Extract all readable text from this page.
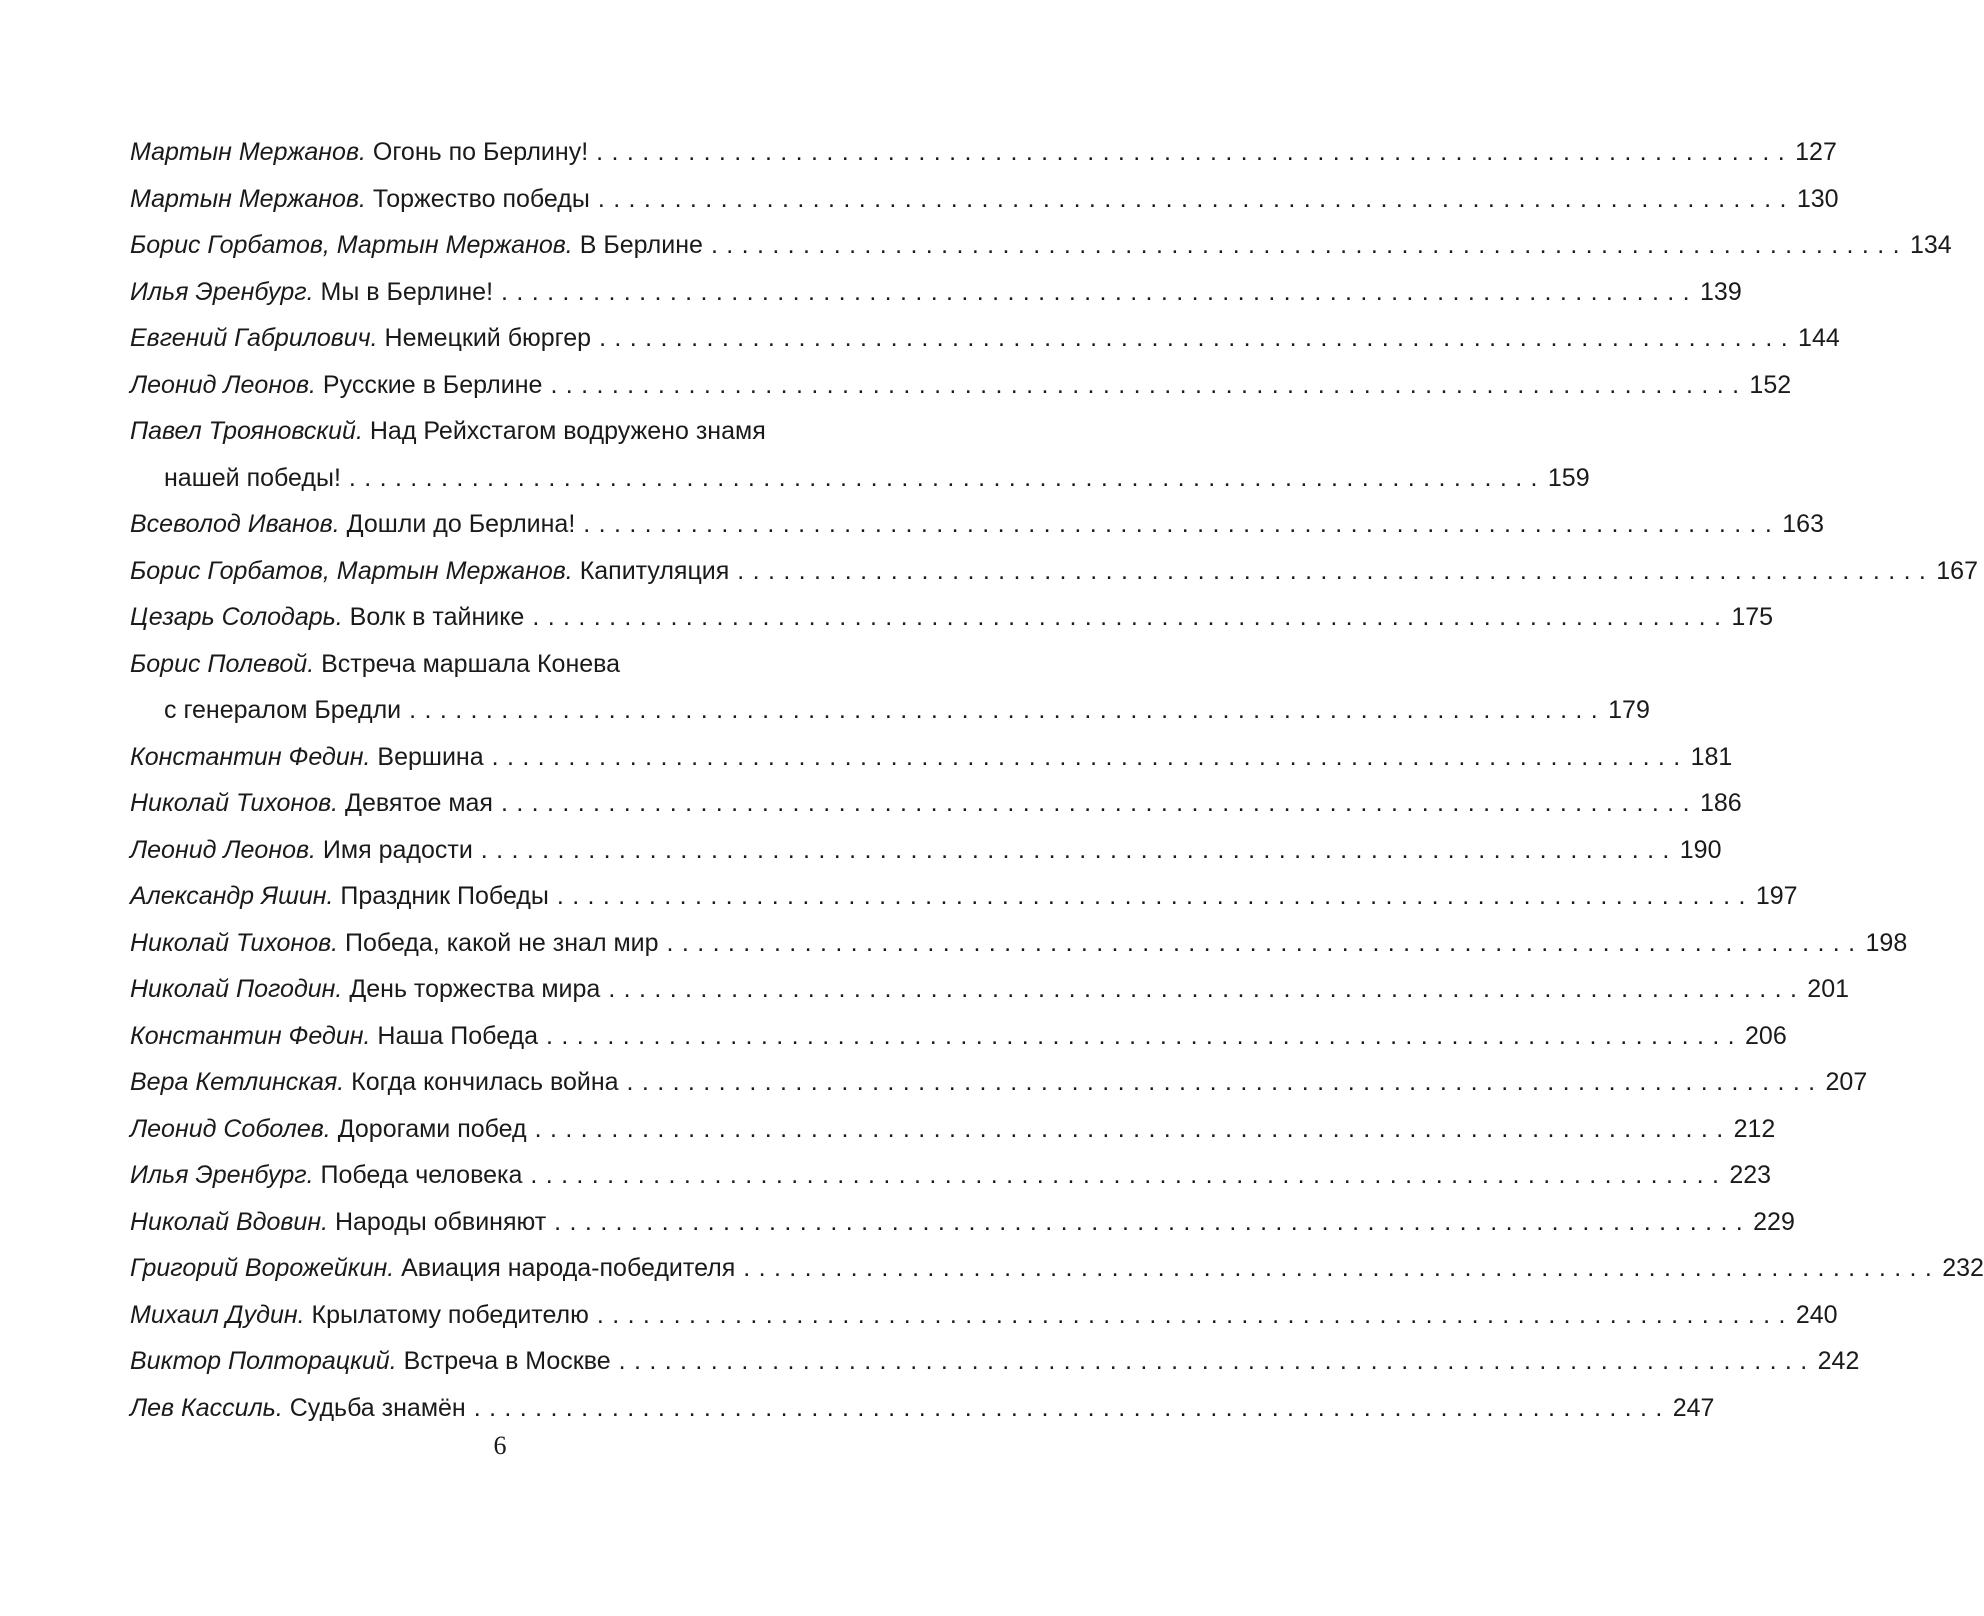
Мартын Мержанов. Огонь по Берлину! .............................................................................. 127
Мартын Мержанов. Торжество победы .............................................................................. 130
Борис Горбатов, Мартын Мержанов. В Берлине .............................................................................. 134
Илья Эренбург. Мы в Берлине! .............................................................................. 139
Евгений Габрилович. Немецкий бюргер .............................................................................. 144
Леонид Леонов. Русские в Берлине .............................................................................. 152
Павел Трояновский. Над Рейхстагом водружено знамя
нашей победы! .............................................................................. 159
Всеволод Иванов. Дошли до Берлина! .............................................................................. 163
Борис Горбатов, Мартын Мержанов. Капитуляция .............................................................................. 167
Цезарь Солодарь. Волк в тайнике .............................................................................. 175
Борис Полевой. Встреча маршала Конева
с генералом Бредли .............................................................................. 179
Константин Федин. Вершина .............................................................................. 181
Николай Тихонов. Девятое мая .............................................................................. 186
Леонид Леонов. Имя радости .............................................................................. 190
Александр Яшин. Праздник Победы .............................................................................. 197
Николай Тихонов. Победа, какой не знал мир .............................................................................. 198
Николай Погодин. День торжества мира .............................................................................. 201
Константин Федин. Наша Победа .............................................................................. 206
Вера Кетлинская. Когда кончилась война .............................................................................. 207
Леонид Соболев. Дорогами побед .............................................................................. 212
Илья Эренбург. Победа человека .............................................................................. 223
Николай Вдовин. Народы обвиняют .............................................................................. 229
Григорий Ворожейкин. Авиация народа-победителя .............................................................................. 232
Михаил Дудин. Крылатому победителю .............................................................................. 240
Виктор Полторацкий. Встреча в Москве .............................................................................. 242
Лев Кассиль. Судьба знамён .............................................................................. 247
6
